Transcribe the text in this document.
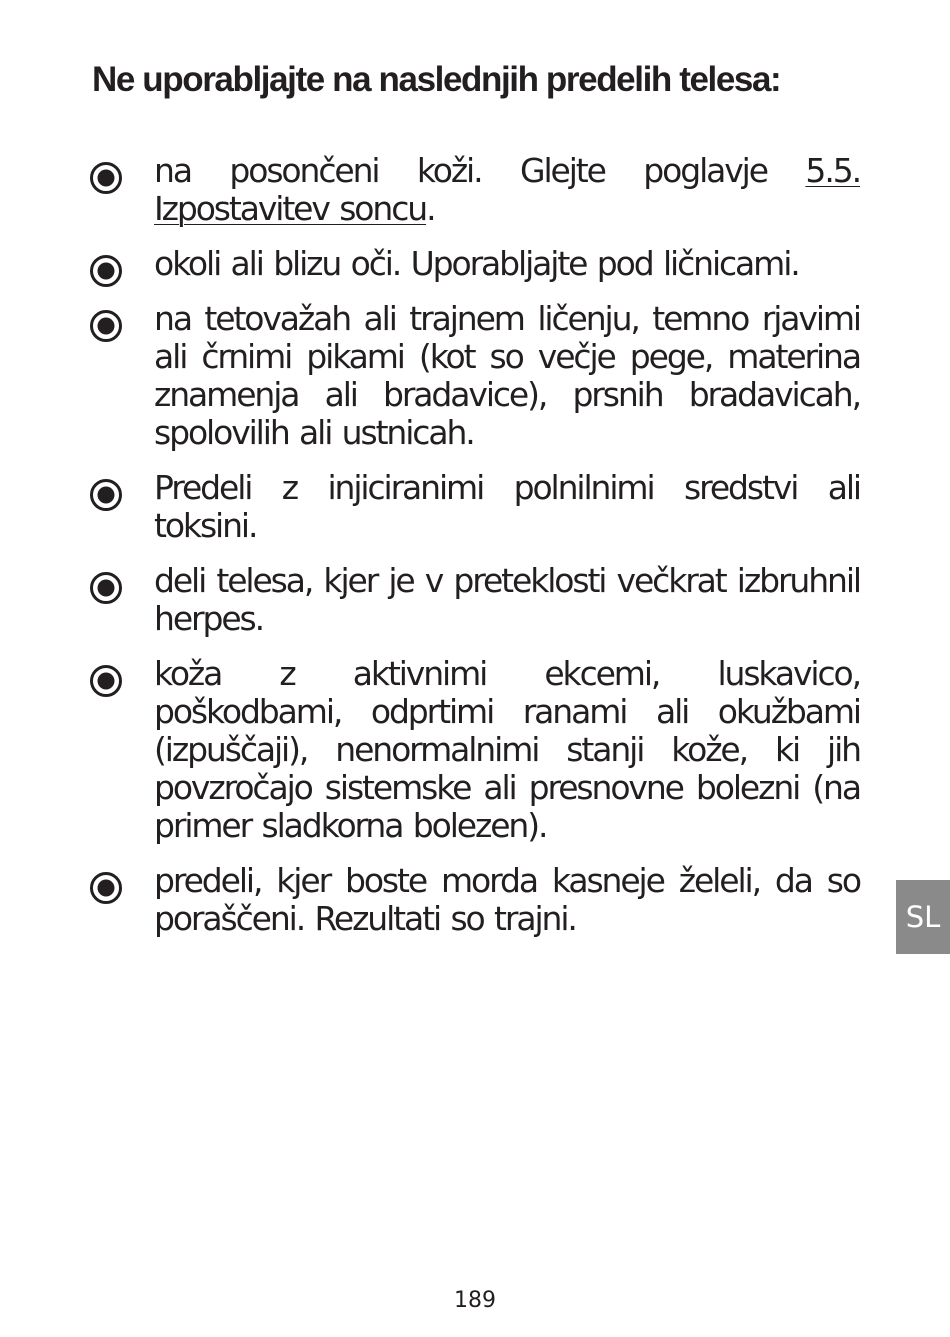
Ne uporabljajte na naslednjih predelih telesa:
na posončeni koži. Glejte poglavje 5.5. Izpostavitev soncu.
okoli ali blizu oči. Uporabljajte pod ličnicami.
na tetovažah ali trajnem ličenju, temno rjavimi ali črnimi pikami (kot so večje pege, materina znamenja ali bradavice), prsnih bradavicah, spolovilih ali ustnicah.
Predeli z injiciranimi polnilnimi sredstvi ali toksini.
deli telesa, kjer je v preteklosti večkrat izbruhnil herpes.
koža z aktivnimi ekcemi, luskavico, poškodbami, odprtimi ranami ali okužbami (izpuščaji), nenormalnimi stanji kože, ki jih povzročajo sistemske ali presnovne bolezni (na primer sladkorna bolezen).
predeli, kjer boste morda kasneje želeli, da so poraščeni. Rezultati so trajni.	SL
189
